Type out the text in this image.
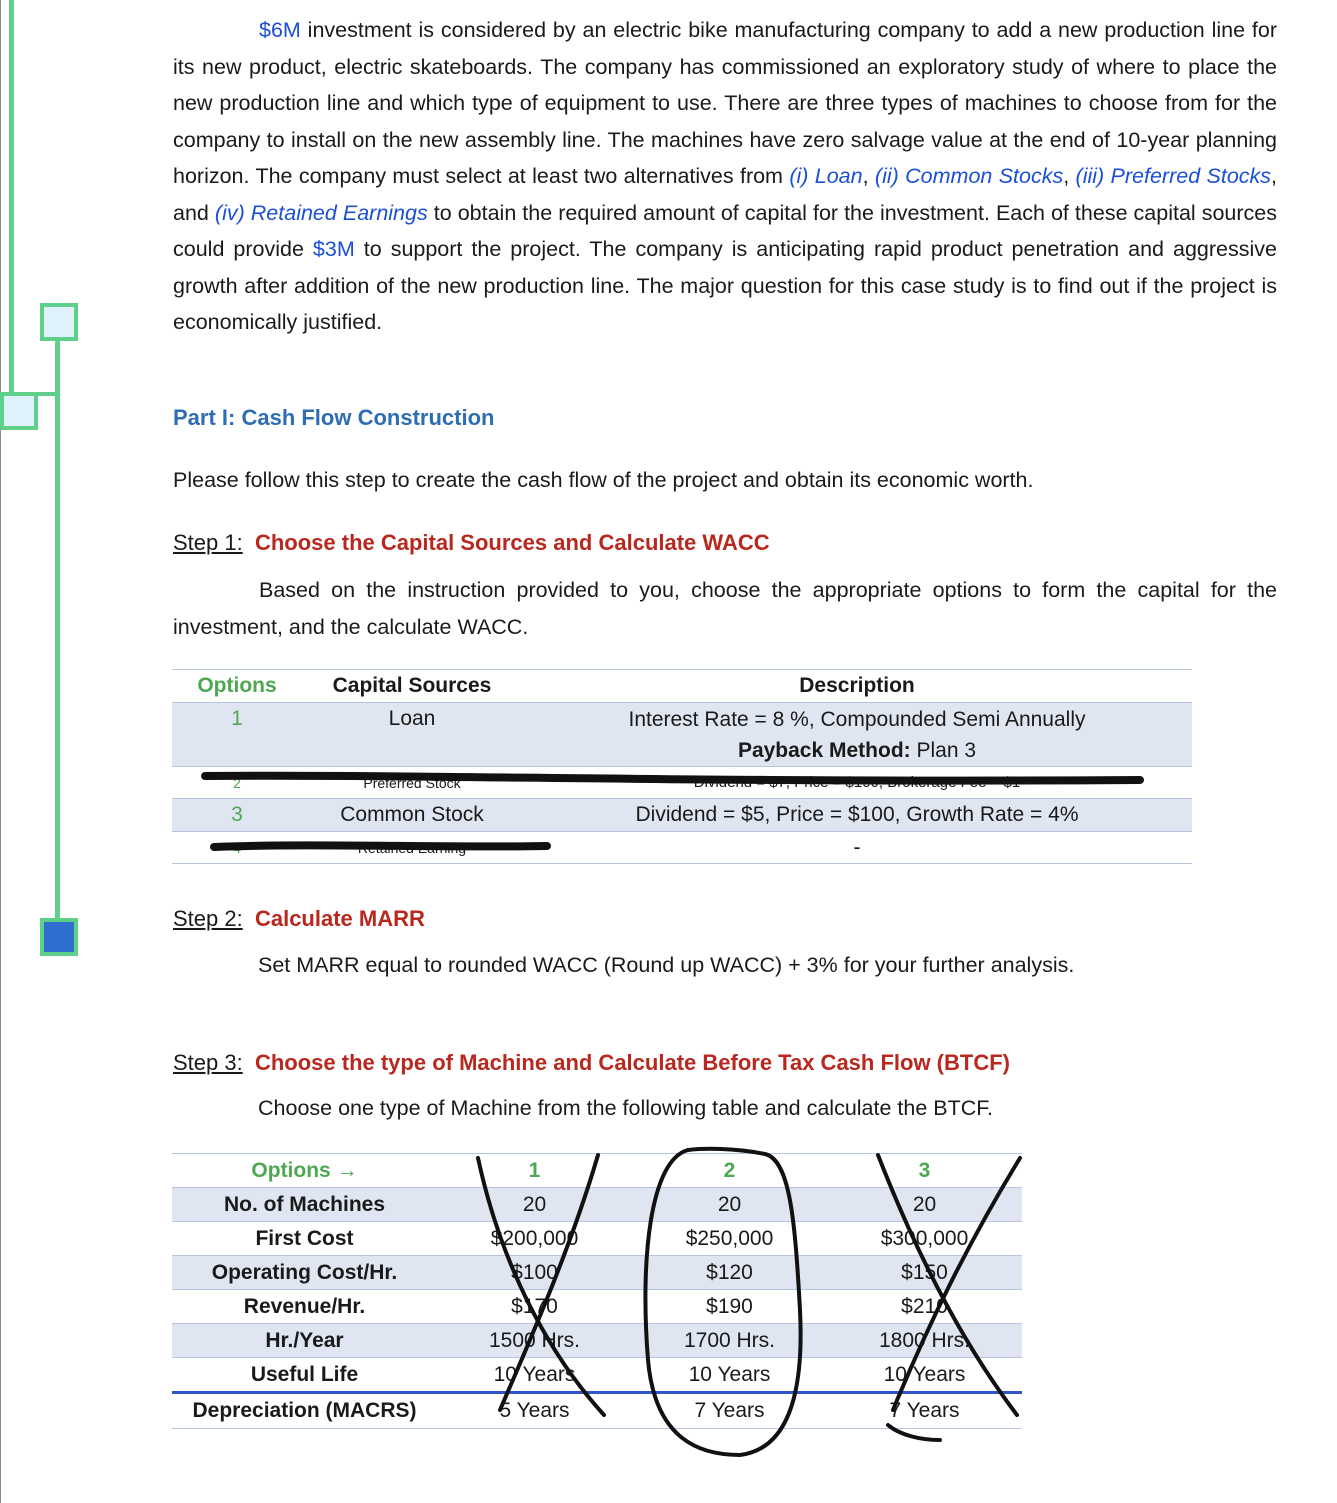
$6M investment is considered by an electric bike manufacturing company to add a new production line for its new product, electric skateboards. The company has commissioned an exploratory study of where to place the new production line and which type of equipment to use. There are three types of machines to choose from for the company to install on the new assembly line. The machines have zero salvage value at the end of 10-year planning horizon. The company must select at least two alternatives from (i) Loan, (ii) Common Stocks, (iii) Preferred Stocks, and (iv) Retained Earnings to obtain the required amount of capital for the investment. Each of these capital sources could provide $3M to support the project. The company is anticipating rapid product penetration and aggressive growth after addition of the new production line. The major question for this case study is to find out if the project is economically justified.
Part I: Cash Flow Construction
Please follow this step to create the cash flow of the project and obtain its economic worth.
Step 1: Choose the Capital Sources and Calculate WACC
Based on the instruction provided to you, choose the appropriate options to form the capital for the investment, and the calculate WACC.
Options	Capital Sources	Description
1	Loan	Interest Rate = 8 %, Compounded Semi Annually
Payback Method: Plan 3

2	Preferred Stock	Dividend = $7, Price = $100, Brokerage Fee = $1
3	Common Stock	Dividend = $5, Price = $100, Growth Rate = 4%
4	Retained Earning	-
Step 2: Calculate MARR
Set MARR equal to rounded WACC (Round up WACC) + 3% for your further analysis.
Step 3: Choose the type of Machine and Calculate Before Tax Cash Flow (BTCF)
Choose one type of Machine from the following table and calculate the BTCF.
Options →	1	2	3
No. of Machines	20	20	20
First Cost	$200,000	$250,000	$300,000
Operating Cost/Hr.	$100	$120	$150
Revenue/Hr.	$170	$190	$210
Hr./Year	1500 Hrs.	1700 Hrs.	1800 Hrs.
Useful Life	10 Years	10 Years	10 Years
Depreciation (MACRS)	5 Years	7 Years	7 Years
